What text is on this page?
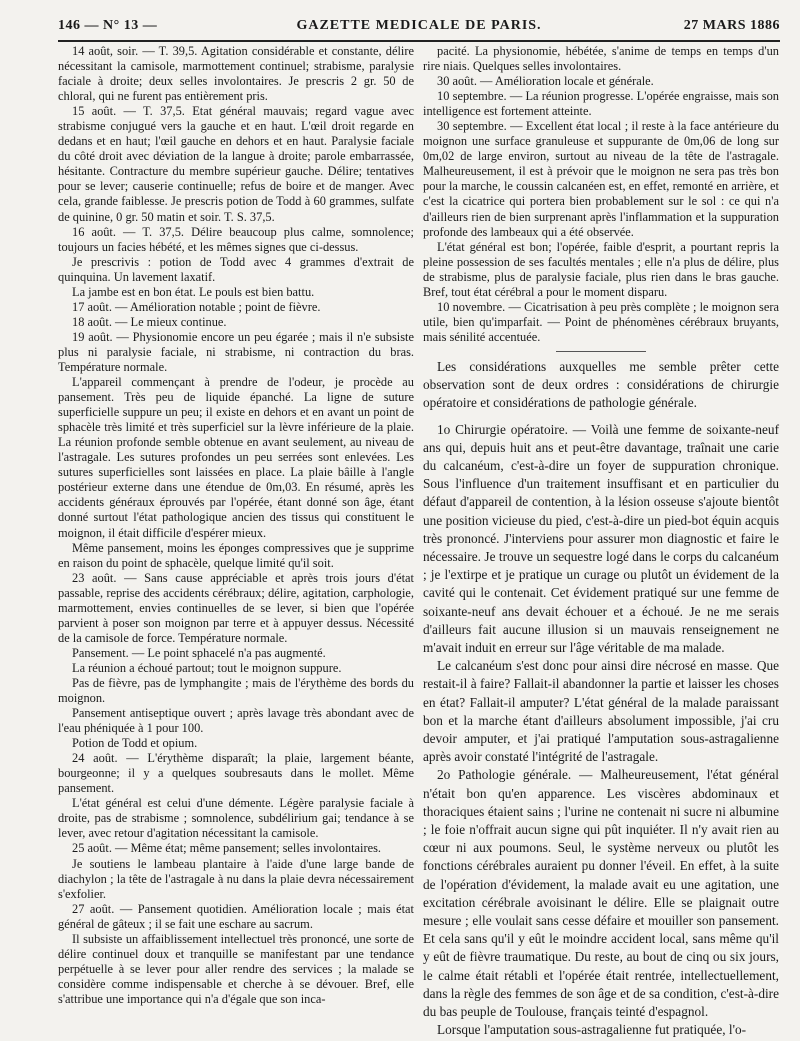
146 — N° 13 —	GAZETTE MEDICALE DE PARIS.	27 MARS 1886

14 août, soir. — T. 39,5. Agitation considérable et constante, délire nécessitant la camisole, marmottement continuel; strabisme, paralysie faciale à droite; deux selles involontaires. Je prescris 2 gr. 50 de chloral, qui ne furent pas entièrement pris.

15 août. — T. 37,5. Etat général mauvais; regard vague avec strabisme conjugué vers la gauche et en haut. L'œil droit regarde en dedans et en haut; l'œil gauche en dehors et en haut. Paralysie faciale du côté droit avec déviation de la langue à droite; parole embarrassée, hésitante. Contracture du membre supérieur gauche. Délire; tentatives pour se lever; causerie continuelle; refus de boire et de manger. Avec cela, grande faiblesse. Je prescris potion de Todd à 60 grammes, sulfate de quinine, 0 gr. 50 matin et soir. T. S. 37,5.

16 août. — T. 37,5. Délire beaucoup plus calme, somnolence; toujours un facies hébété, et les mêmes signes que ci-dessus.

Je prescrivis : potion de Todd avec 4 grammes d'extrait de quinquina. Un lavement laxatif.

La jambe est en bon état. Le pouls est bien battu.

17 août. — Amélioration notable ; point de fièvre.

18 août. — Le mieux continue.

19 août. — Physionomie encore un peu égarée ; mais il n'e subsiste plus ni paralysie faciale, ni strabisme, ni contraction du bras. Température normale.

L'appareil commençant à prendre de l'odeur, je procède au pansement. Très peu de liquide épanché. La ligne de suture superficielle suppure un peu; il existe en dehors et en avant un point de sphacèle très limité et très superficiel sur la lèvre inférieure de la plaie. La réunion profonde semble obtenue en avant seulement, au niveau de l'astragale. Les sutures profondes un peu serrées sont enlevées. Les sutures superficielles sont laissées en place. La plaie bâille à l'angle postérieur externe dans une étendue de 0m,03. En résumé, après les accidents généraux éprouvés par l'opérée, étant donné son âge, étant donné surtout l'état pathologique ancien des tissus qui constituent le moignon, il était difficile d'espérer mieux.

Même pansement, moins les éponges compressives que je supprime en raison du point de sphacèle, quelque limité qu'il soit.

23 août. — Sans cause appréciable et après trois jours d'état passable, reprise des accidents cérébraux; délire, agitation, carphologie, marmottement, envies continuelles de se lever, si bien que l'opérée parvient à poser son moignon par terre et à appuyer dessus. Nécessité de la camisole de force. Température normale.

Pansement. — Le point sphacelé n'a pas augmenté.

La réunion a échoué partout; tout le moignon suppure.

Pas de fièvre, pas de lymphangite ; mais de l'érythème des bords du moignon.

Pansement antiseptique ouvert ; après lavage très abondant avec de l'eau phéniquée à 1 pour 100.

Potion de Todd et opium.

24 août. — L'érythème disparaît; la plaie, largement béante, bourgeonne; il y a quelques soubresauts dans le mollet. Même pansement.

L'état général est celui d'une démente. Légère paralysie faciale à droite, pas de strabisme ; somnolence, subdélirium gai; tendance à se lever, avec retour d'agitation nécessitant la camisole.

25 août. — Même état; même pansement; selles involontaires.

Je soutiens le lambeau plantaire à l'aide d'une large bande de diachylon ; la tête de l'astragale à nu dans la plaie devra nécessairement s'exfolier.

27 août. — Pansement quotidien. Amélioration locale ; mais état général de gâteux ; il se fait une eschare au sacrum.

Il subsiste un affaiblissement intellectuel très prononcé, une sorte de délire continuel doux et tranquille se manifestant par une tendance perpétuelle à se lever pour aller rendre des services ; la malade se considère comme indispensable et cherche à se dévouer. Bref, elle s'attribue une importance qui n'a d'égale que son inca-

pacité. La physionomie, hébétée, s'anime de temps en temps d'un rire niais. Quelques selles involontaires.

30 août. — Amélioration locale et générale.

10 septembre. — La réunion progresse. L'opérée engraisse, mais son intelligence est fortement atteinte.

30 septembre. — Excellent état local ; il reste à la face antérieure du moignon une surface granuleuse et suppurante de 0m,06 de long sur 0m,02 de large environ, surtout au niveau de la tête de l'astragale. Malheureusement, il est à prévoir que le moignon ne sera pas très bon pour la marche, le coussin calcanéen est, en effet, remonté en arrière, et c'est la cicatrice qui portera bien probablement sur le sol : ce qui n'a d'ailleurs rien de bien surprenant après l'inflammation et la suppuration profonde des lambeaux qui a été observée.

L'état général est bon; l'opérée, faible d'esprit, a pourtant repris la pleine possession de ses facultés mentales ; elle n'a plus de délire, plus de strabisme, plus de paralysie faciale, plus rien dans le bras gauche. Bref, tout état cérébral a pour le moment disparu.

10 novembre. — Cicatrisation à peu près complète ; le moignon sera utile, bien qu'imparfait. — Point de phénomènes cérébraux bruyants, mais sénilité accentuée.

Les considérations auxquelles me semble prêter cette observation sont de deux ordres : considérations de chirurgie opératoire et considérations de pathologie générale.

1o Chirurgie opératoire. — Voilà une femme de soixante-neuf ans qui, depuis huit ans et peut-être davantage, traînait une carie du calcanéum, c'est-à-dire un foyer de suppuration chronique. Sous l'influence d'un traitement insuffisant et en particulier du défaut d'appareil de contention, à la lésion osseuse s'ajoute bientôt une position vicieuse du pied, c'est-à-dire un pied-bot équin acquis très prononcé. J'interviens pour assurer mon diagnostic et faire le nécessaire. Je trouve un sequestre logé dans le corps du calcanéum ; je l'extirpe et je pratique un curage ou plutôt un évidement de la cavité qui le contenait. Cet évidement pratiqué sur une femme de soixante-neuf ans devait échouer et a échoué. Je ne me serais d'ailleurs fait aucune illusion si un mauvais renseignement ne m'avait induit en erreur sur l'âge véritable de ma malade.

Le calcanéum s'est donc pour ainsi dire nécrosé en masse. Que restait-il à faire? Fallait-il abandonner la partie et laisser les choses en état? Fallait-il amputer? L'état général de la malade paraissant bon et la marche étant d'ailleurs absolument impossible, j'ai cru devoir amputer, et j'ai pratiqué l'amputation sous-astragalienne après avoir constaté l'intégrité de l'astragale.

2o Pathologie générale. — Malheureusement, l'état général n'était bon qu'en apparence. Les viscères abdominaux et thoraciques étaient sains ; l'urine ne contenait ni sucre ni albumine ; le foie n'offrait aucun signe qui pût inquiéter. Il n'y avait rien au cœur ni aux poumons. Seul, le système nerveux ou plutôt les fonctions cérébrales auraient pu donner l'éveil. En effet, à la suite de l'opération d'évidement, la malade avait eu une agitation, une excitation cérébrale avoisinant le délire. Elle se plaignait outre mesure ; elle voulait sans cesse défaire et mouiller son pansement. Et cela sans qu'il y eût le moindre accident local, sans même qu'il y eût de fièvre traumatique. Du reste, au bout de cinq ou six jours, le calme était rétabli et l'opérée était rentrée, intellectuellement, dans la règle des femmes de son âge et de sa condition, c'est-à-dire du bas peuple de Toulouse, français teinté d'espagnol.

Lorsque l'amputation sous-astragalienne fut pratiquée, l'o-
